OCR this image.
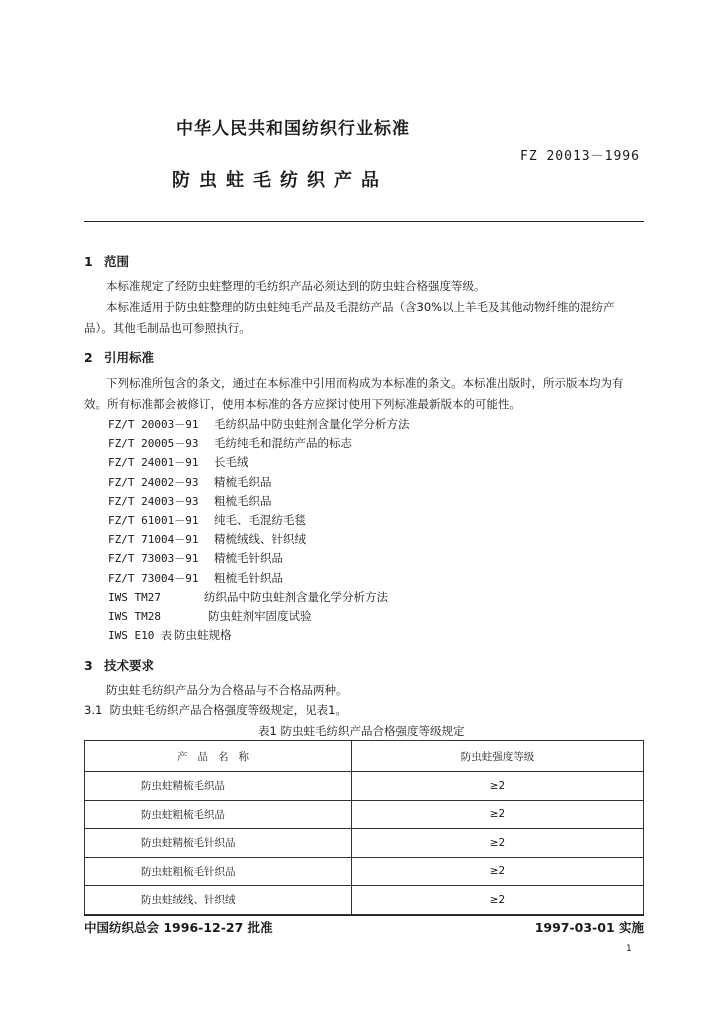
中华人民共和国纺织行业标准
FZ 20013－1996
防虫蛀毛纺织产品
1 范围
本标准规定了经防虫蛀整理的毛纺织产品必须达到的防虫蛀合格强度等级。
本标准适用于防虫蛀整理的防虫蛀纯毛产品及毛混纺产品（含30%以上羊毛及其他动物纤维的混纺产品）。其他毛制品也可参照执行。
2 引用标准
下列标准所包含的条文，通过在本标准中引用而构成为本标准的条文。本标准出版时，所示版本均为有效。所有标准都会被修订，使用本标准的各方应探讨使用下列标准最新版本的可能性。
FZ/T 20003－91 毛纺织品中防虫蛀剂含量化学分析方法
FZ/T 20005－93 毛纺纯毛和混纺产品的标志
FZ/T 24001－91 长毛绒
FZ/T 24002－93 精梳毛织品
FZ/T 24003－93 粗梳毛织品
FZ/T 61001－91 纯毛、毛混纺毛毯
FZ/T 71004－91 精梳绒线、针织绒
FZ/T 73003－91 精梳毛针织品
FZ/T 73004－91 粗梳毛针织品
IWS TM27	纺织品中防虫蛀剂含量化学分析方法
IWS TM28	防虫蛀剂牢固度试验
IWS E10 表 防虫蛀规格
3 技术要求
防虫蛀毛纺织产品分为合格品与不合格品两种。
3.1 防虫蛀毛纺织产品合格强度等级规定，见表1。
表1 防虫蛀毛纺织产品合格强度等级规定
产品名称	防虫蛀强度等级
防虫蛀精梳毛织品	≥2
防虫蛀粗梳毛织品	≥2
防虫蛀精梳毛针织品	≥2
防虫蛀粗梳毛针织品	≥2
防虫蛀绒线、针织绒	≥2
中国纺织总会 1996-12-27 批准	1997-03-01 实施
1
